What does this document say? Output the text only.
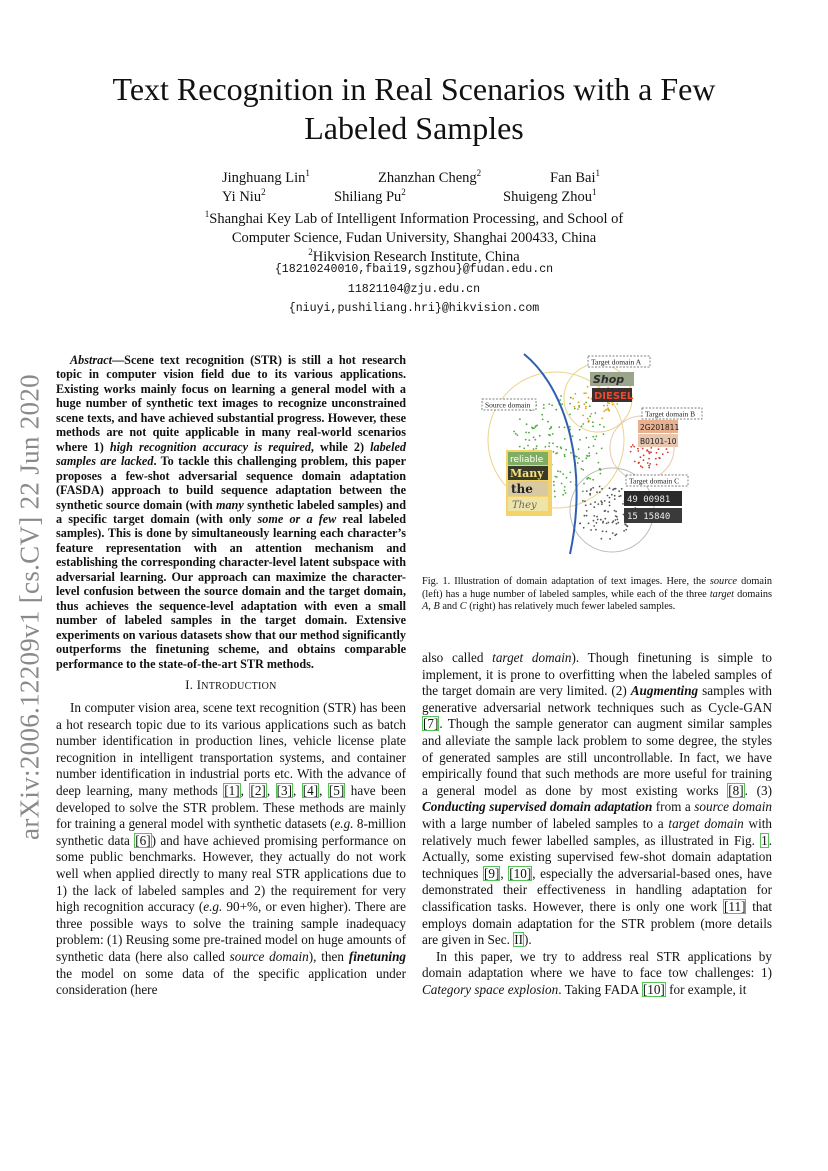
arXiv:2006.12209v1 [cs.CV] 22 Jun 2020
Text Recognition in Real Scenarios with a Few Labeled Samples
Jinghuang Lin$^1$	Zhanzhan Cheng$^2$	Fan Bai$^1$
Yi Niu$^2$	Shiliang Pu$^2$	Shuigeng Zhou$^1$
$^1$Shanghai Key Lab of Intelligent Information Processing, and School of
Computer Science, Fudan University, Shanghai 200433, China
$^2$Hikvision Research Institute, China
{18210240010,fbai19,sgzhou}@fudan.edu.cn
11821104@zju.edu.cn
{niuyi,pushiliang.hri}@hikvision.com
Abstract—Scene text recognition (STR) is still a hot research topic in computer vision field due to its various applications. Existing works mainly focus on learning a general model with a huge number of synthetic text images to recognize unconstrained scene texts, and have achieved substantial progress. However, these methods are not quite applicable in many real-world scenarios where 1) high recognition accuracy is required, while 2) labeled samples are lacked. To tackle this challenging problem, this paper proposes a few-shot adversarial sequence domain adaptation (FASDA) approach to build sequence adaptation between the synthetic source domain (with many synthetic labeled samples) and a specific target domain (with only some or a few real labeled samples). This is done by simultaneously learning each character’s feature representation with an attention mechanism and establishing the corresponding character-level latent subspace with adversarial learning. Our approach can maximize the character-level confusion between the source domain and the target domain, thus achieves the sequence-level adaptation with even a small number of labeled samples in the target domain. Extensive experiments on various datasets show that our method significantly outperforms the finetuning scheme, and obtains comparable performance to the state-of-the-art STR methods.
I. INTRODUCTION

In computer vision area, scene text recognition (STR) has been a hot research topic due to its various applications such as batch number identification in production lines, vehicle license plate recognition in intelligent transportation systems, and container number identification in industrial ports etc. With the advance of deep learning, many methods [1], [2], [3], [4], [5] have been developed to solve the STR problem. These methods are mainly for training a general model with synthetic datasets (e.g. 8-million synthetic data [6]) and have achieved promising performance on some public benchmarks. However, they actually do not work well when applied directly to many real STR applications due to 1) the lack of labeled samples and 2) the requirement for very high recognition accuracy (e.g. 90+%, or even higher). There are three possible ways to solve the training sample inadequacy problem: (1) Reusing some pre-trained model on huge amounts of synthetic data (here also called source domain), then finetuning the model on some data of the specific application under consideration (here

also called target domain). Though finetuning is simple to implement, it is prone to overfitting when the labeled samples of the target domain are very limited. (2) Augmenting samples with generative adversarial network techniques such as Cycle-GAN [7]. Though the sample generator can augment similar samples and alleviate the sample lack problem to some degree, the styles of generated samples are still uncontrollable. In fact, we have empirically found that such methods are more useful for training a general model as done by most existing works [8]. (3) Conducting supervised domain adaptation from a source domain with a large number of labeled samples to a target domain with relatively much fewer labelled samples, as illustrated in Fig. 1. Actually, some existing supervised few-shot domain adaptation techniques [9], [10], especially the adversarial-based ones, have demonstrated their effectiveness in handling adaptation for classification tasks. However, there is only one work [11] that employs domain adaptation for the STR problem (more details are given in Sec. II).

In this paper, we try to address real STR applications by domain adaptation where we have to face tow challenges: 1) Category space explosion. Taking FADA [10] for example, it

Target domain A
Shop
DIESEL
Source domain
Target domain B
2G201811
B0101-10
reliable
Many
the
They
Target domain C
49 00981
15 15840
Fig. 1. Illustration of domain adaptation of text images. Here, the source domain (left) has a huge number of labeled samples, while each of the three target domains A, B and C (right) has relatively much fewer labeled samples.
